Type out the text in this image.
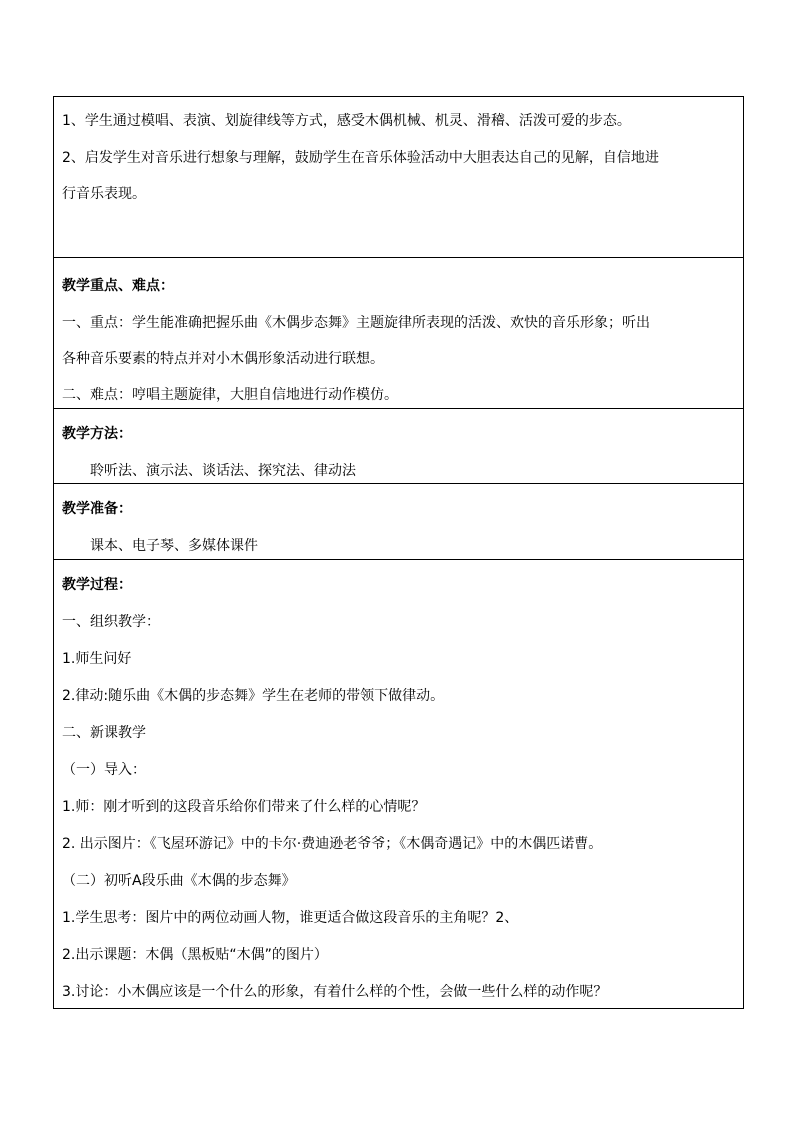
1、学生通过模唱、表演、划旋律线等方式，感受木偶机械、机灵、滑稽、活泼可爱的步态。
2、启发学生对音乐进行想象与理解，鼓励学生在音乐体验活动中大胆表达自己的见解，自信地进
行音乐表现。
教学重点、难点：
一、重点：学生能准确把握乐曲《木偶步态舞》主题旋律所表现的活泼、欢快的音乐形象；听出
各种音乐要素的特点并对小木偶形象活动进行联想。
二、难点：哼唱主题旋律，大胆自信地进行动作模仿。
教学方法：
聆听法、演示法、谈话法、探究法、律动法
教学准备：
课本、电子琴、多媒体课件
教学过程：
一、组织教学：
1.师生问好
2.律动:随乐曲《木偶的步态舞》学生在老师的带领下做律动。
二、新课教学
（一）导入：
1.师：刚才听到的这段音乐给你们带来了什么样的心情呢？
2. 出示图片：《飞屋环游记》中的卡尔·费迪逊老爷爷；《木偶奇遇记》中的木偶匹诺曹。
（二）初听A段乐曲《木偶的步态舞》
1.学生思考：图片中的两位动画人物，谁更适合做这段音乐的主角呢？2、
2.出示课题：木偶（黑板贴“木偶”的图片）
3.讨论：小木偶应该是一个什么的形象，有着什么样的个性，会做一些什么样的动作呢？
